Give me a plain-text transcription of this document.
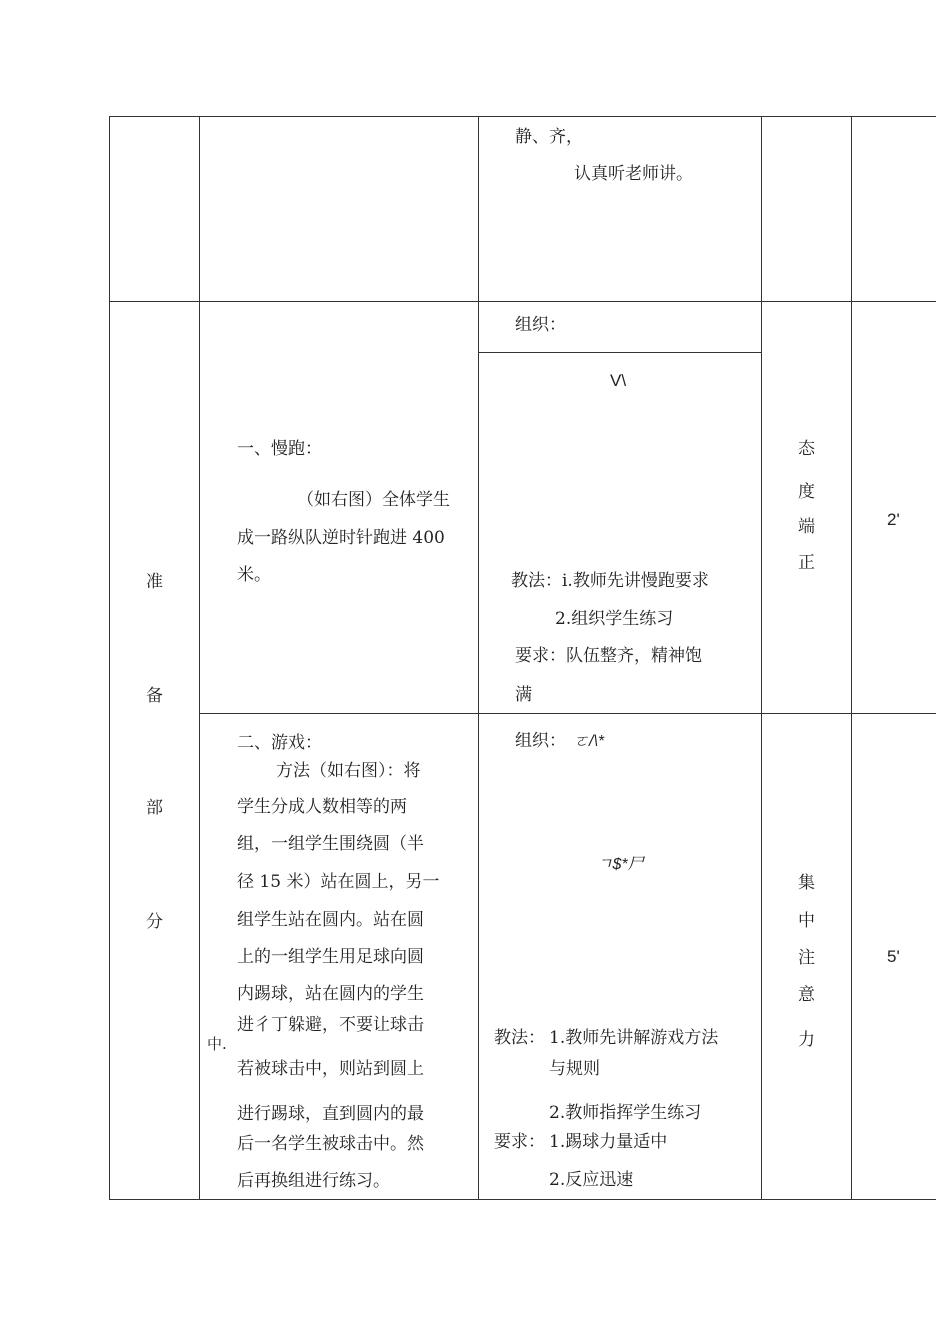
静、齐，
认真听老师讲。
准
备
部
分
一、慢跑：
（如右图）全体学生
成一路纵队逆时针跑进 400
米。
组织：
V\
教法：i.教师先讲慢跑要求
2.组织学生练习
要求：队伍整齐，精神饱
满
态
度
端
正
2'
二、游戏：
方法（如右图）：将
学生分成人数相等的两
组，一组学生围绕圆（半
径 15 米）站在圆上，另一
组学生站在圆内。站在圆
上的一组学生用足球向圆
内踢球，站在圆内的学生
进彳丁躲避，不要让球击
中.
若被球击中，则站到圆上
进行踢球，直到圆内的最
后一名学生被球击中。然
后再换组进行练习。
组织： ㄛ/\*
ㄱ$*尸
教法： 1.教师先讲解游戏方法
与规则
2.教师指挥学生练习
要求： 1.踢球力量适中
2.反应迅速
集
中
注
意
力
5'
